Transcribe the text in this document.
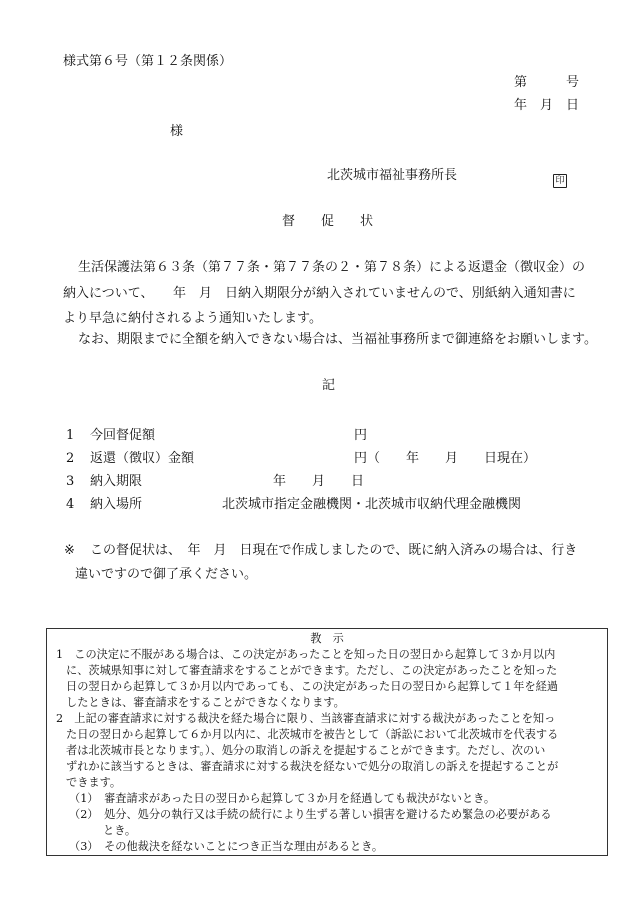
様式第６号（第１２条関係）
第　　　号
年　月　日
様
北茨城市福祉事務所長	印
督　　促　　状
生活保護法第６３条（第７７条・第７７条の２・第７８条）による返還金（徴収金）の
納入について、　　年　月　日納入期限分が納入されていませんので、別紙納入通知書に
より早急に納付されるよう通知いたします。
なお、期限までに全額を納入できない場合は、当福祉事務所まで御連絡をお願いします。
記
1 今回督促額	円
2 返還（徴収）金額	円（　　年　　月　　日現在）
3 納入期限	年　　月　　日
4 納入場所	北茨城市指定金融機関・北茨城市収納代理金融機関
※ この督促状は、　年　月　日現在で作成しましたので、既に納入済みの場合は、行き
違いですので御了承ください。
教　示
1　この決定に不服がある場合は、この決定があったことを知った日の翌日から起算して３か月以内
に、茨城県知事に対して審査請求をすることができます。ただし、この決定があったことを知った
日の翌日から起算して３か月以内であっても、この決定があった日の翌日から起算して１年を経過
したときは、審査請求をすることができなくなります。
2　上記の審査請求に対する裁決を経た場合に限り、当該審査請求に対する裁決があったことを知っ
た日の翌日から起算して６か月以内に、北茨城市を被告として（訴訟において北茨城市を代表する
者は北茨城市長となります。）、処分の取消しの訴えを提起することができます。ただし、次のい
ずれかに該当するときは、審査請求に対する裁決を経ないで処分の取消しの訴えを提起することが
できます。
（1）　審査請求があった日の翌日から起算して３か月を経過しても裁決がないとき。
（2）　処分、処分の執行又は手続の続行により生ずる著しい損害を避けるため緊急の必要がある
とき。
（3）　その他裁決を経ないことにつき正当な理由があるとき。
